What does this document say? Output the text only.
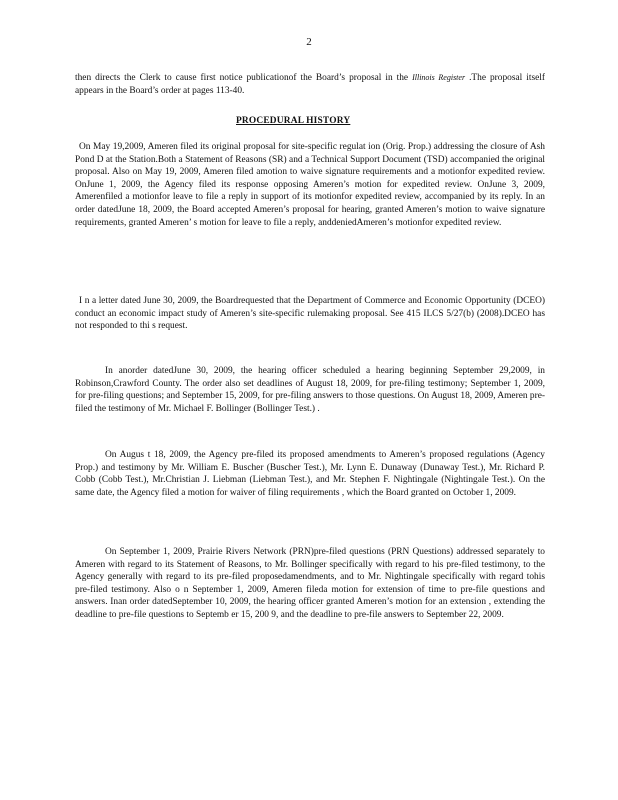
2
then directs the Clerk to cause first notice publicationof the Board’s proposal in the Illinois Register .The proposal itself appears in the Board’s order at pages 113-40.
PROCEDURAL HISTORY
On May 19,2009, Ameren filed its original proposal for site-specific regulat ion (Orig. Prop.) addressing the closure of Ash Pond D at the Station.Both a Statement of Reasons (SR) and a Technical Support Document (TSD) accompanied the original proposal. Also on May 19, 2009, Ameren filed amotion to waive signature requirements and a motionfor expedited review. OnJune 1, 2009, the Agency filed its response opposing Ameren’s motion for expedited review. OnJune 3, 2009, Amerenfiled a motionfor leave to file a reply in support of its motionfor expedited review, accompanied by its reply. In an order datedJune 18, 2009, the Board accepted Ameren’s proposal for hearing, granted Ameren’s motion to waive signature requirements, granted Ameren’ s motion for leave to file a reply, anddeniedAmeren’s motionfor expedited review.
I n a letter dated June 30, 2009, the Boardrequested that the Department of Commerce and Economic Opportunity (DCEO) conduct an economic impact study of Ameren’s site-specific rulemaking proposal. See 415 ILCS 5/27(b) (2008).DCEO has not responded to thi s request.
In anorder datedJune 30, 2009, the hearing officer scheduled a hearing beginning September 29,2009, in Robinson,Crawford County. The order also set deadlines of August 18, 2009, for pre-filing testimony; September 1, 2009, for pre-filing questions; and September 15, 2009, for pre-filing answers to those questions. On August 18, 2009, Ameren pre-filed the testimony of Mr. Michael F. Bollinger (Bollinger Test.) .
On Augus t 18, 2009, the Agency pre-filed its proposed amendments to Ameren’s proposed regulations (Agency Prop.) and testimony by Mr. William E. Buscher (Buscher Test.), Mr. Lynn E. Dunaway (Dunaway Test.), Mr. Richard P. Cobb (Cobb Test.), Mr.Christian J. Liebman (Liebman Test.), and Mr. Stephen F. Nightingale (Nightingale Test.). On the same date, the Agency filed a motion for waiver of filing requirements , which the Board granted on October 1, 2009.
On September 1, 2009, Prairie Rivers Network (PRN)pre-filed questions (PRN Questions) addressed separately to Ameren with regard to its Statement of Reasons, to Mr. Bollinger specifically with regard to his pre-filed testimony, to the Agency generally with regard to its pre-filed proposedamendments, and to Mr. Nightingale specifically with regard tohis pre-filed testimony. Also o n September 1, 2009, Ameren fileda motion for extension of time to pre-file questions and answers. Inan order datedSeptember 10, 2009, the hearing officer granted Ameren’s motion for an extension , extending the deadline to pre-file questions to Septemb er 15, 200 9, and the deadline to pre-file answers to September 22, 2009.
